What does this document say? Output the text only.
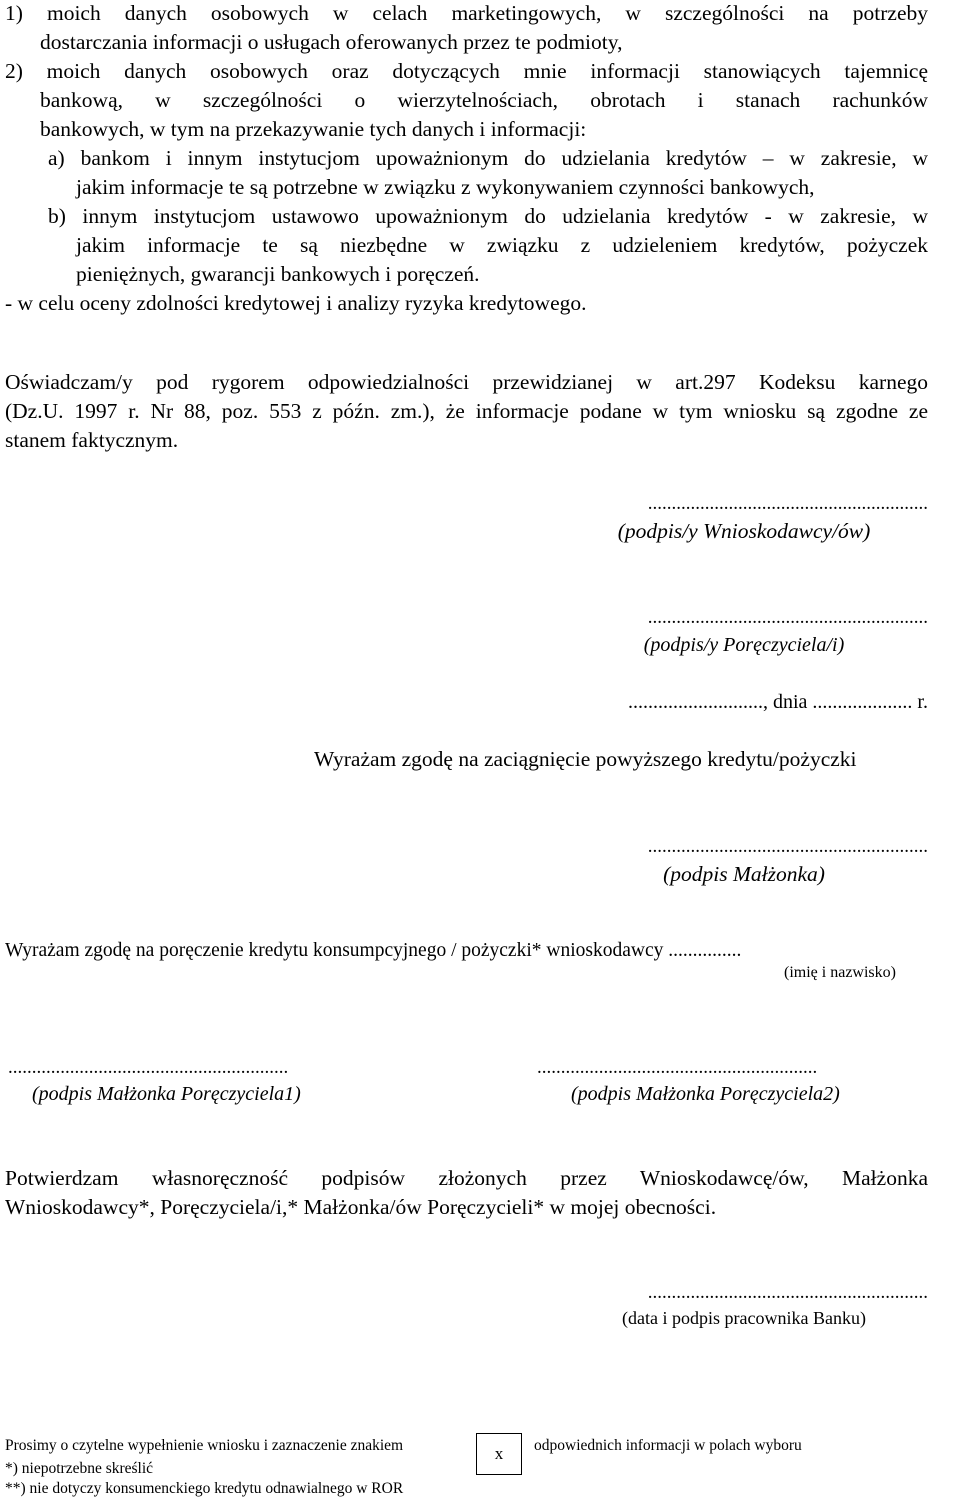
1) moich danych osobowych w celach marketingowych, w szczególności na potrzeby
dostarczania informacji o usługach oferowanych przez te podmioty,
2) moich danych osobowych oraz dotyczących mnie informacji stanowiących tajemnicę
bankową, w szczególności o wierzytelnościach, obrotach i stanach rachunków
bankowych, w tym na przekazywanie tych danych i informacji:
a) bankom i innym instytucjom upoważnionym do udzielania kredytów – w zakresie, w
jakim informacje te są potrzebne w związku z wykonywaniem czynności bankowych,
b) innym instytucjom ustawowo upoważnionym do udzielania kredytów - w zakresie, w
jakim informacje te są niezbędne w związku z udzieleniem kredytów, pożyczek
pieniężnych, gwarancji bankowych i poręczeń.
- w celu oceny zdolności kredytowej i analizy ryzyka kredytowego.
Oświadczam/y pod rygorem odpowiedzialności przewidzianej w art.297 Kodeksu karnego
(Dz.U. 1997 r. Nr 88, poz. 553 z późn. zm.), że informacje podane w tym wniosku są zgodne ze
stanem faktycznym.
...........................................................
(podpis/y Wnioskodawcy/ów)
...........................................................
(podpis/y Poręczyciela/i)
..........................., dnia .................... r.
Wyrażam zgodę na zaciągnięcie powyższego kredytu/pożyczki
...........................................................
(podpis Małżonka)
Wyrażam zgodę na poręczenie kredytu konsumpcyjnego / pożyczki* wnioskodawcy ...............
(imię i nazwisko)
...........................................................
(podpis Małżonka Poręczyciela1)
...........................................................
(podpis Małżonka Poręczyciela2)
Potwierdzam własnoręczność podpisów złożonych przez Wnioskodawcę/ów, Małżonka
Wnioskodawcy*, Poręczyciela/i,* Małżonka/ów Poręczycieli* w mojej obecności.
...........................................................
(data i podpis pracownika Banku)
Prosimy o czytelne wypełnienie wniosku i zaznaczenie znakiem	x	odpowiednich informacji w polach wyboru
*) niepotrzebne skreślić
**) nie dotyczy konsumenckiego kredytu odnawialnego w ROR
